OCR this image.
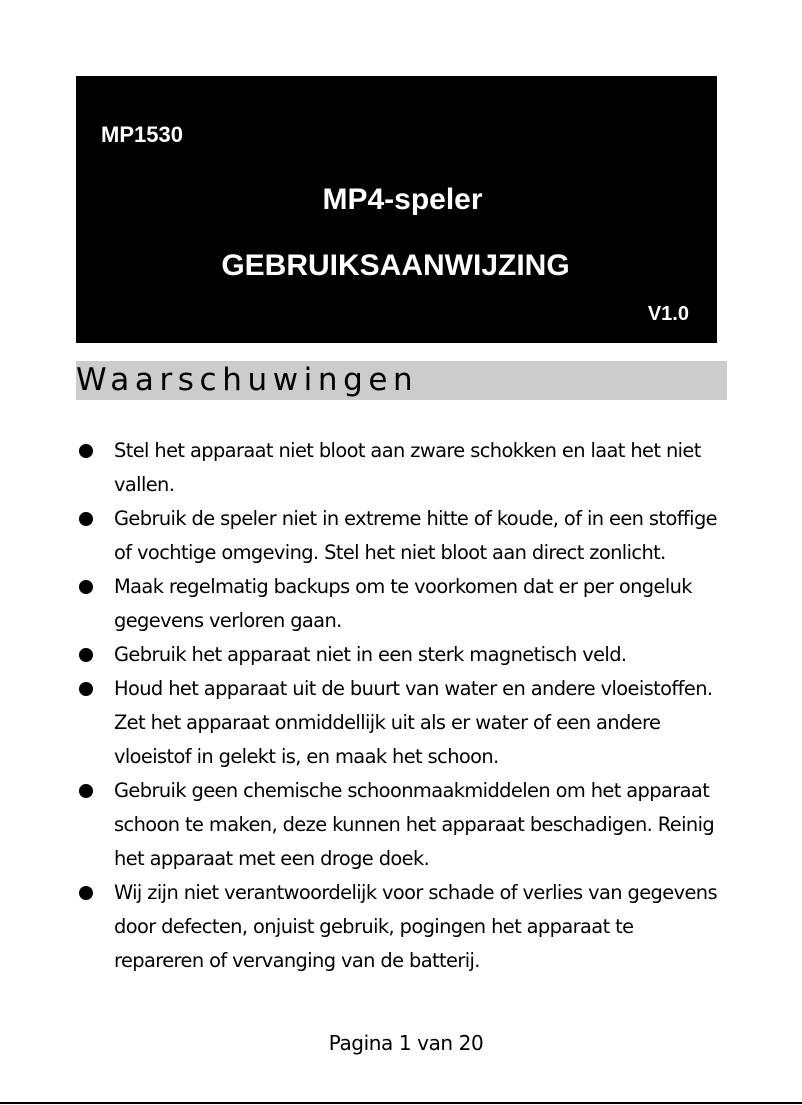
MP1530
MP4-speler
GEBRUIKSAANWIJZING
V1.0
Waarschuwingen
Stel het apparaat niet bloot aan zware schokken en laat het niet vallen.
Gebruik de speler niet in extreme hitte of koude, of in een stoffige of vochtige omgeving. Stel het niet bloot aan direct zonlicht.
Maak regelmatig backups om te voorkomen dat er per ongeluk gegevens verloren gaan.
Gebruik het apparaat niet in een sterk magnetisch veld.
Houd het apparaat uit de buurt van water en andere vloeistoffen. Zet het apparaat onmiddellijk uit als er water of een andere vloeistof in gelekt is, en maak het schoon.
Gebruik geen chemische schoonmaakmiddelen om het apparaat schoon te maken, deze kunnen het apparaat beschadigen. Reinig het apparaat met een droge doek.
Wij zijn niet verantwoordelijk voor schade of verlies van gegevens door defecten, onjuist gebruik, pogingen het apparaat te repareren of vervanging van de batterij.
Pagina 1 van 20
